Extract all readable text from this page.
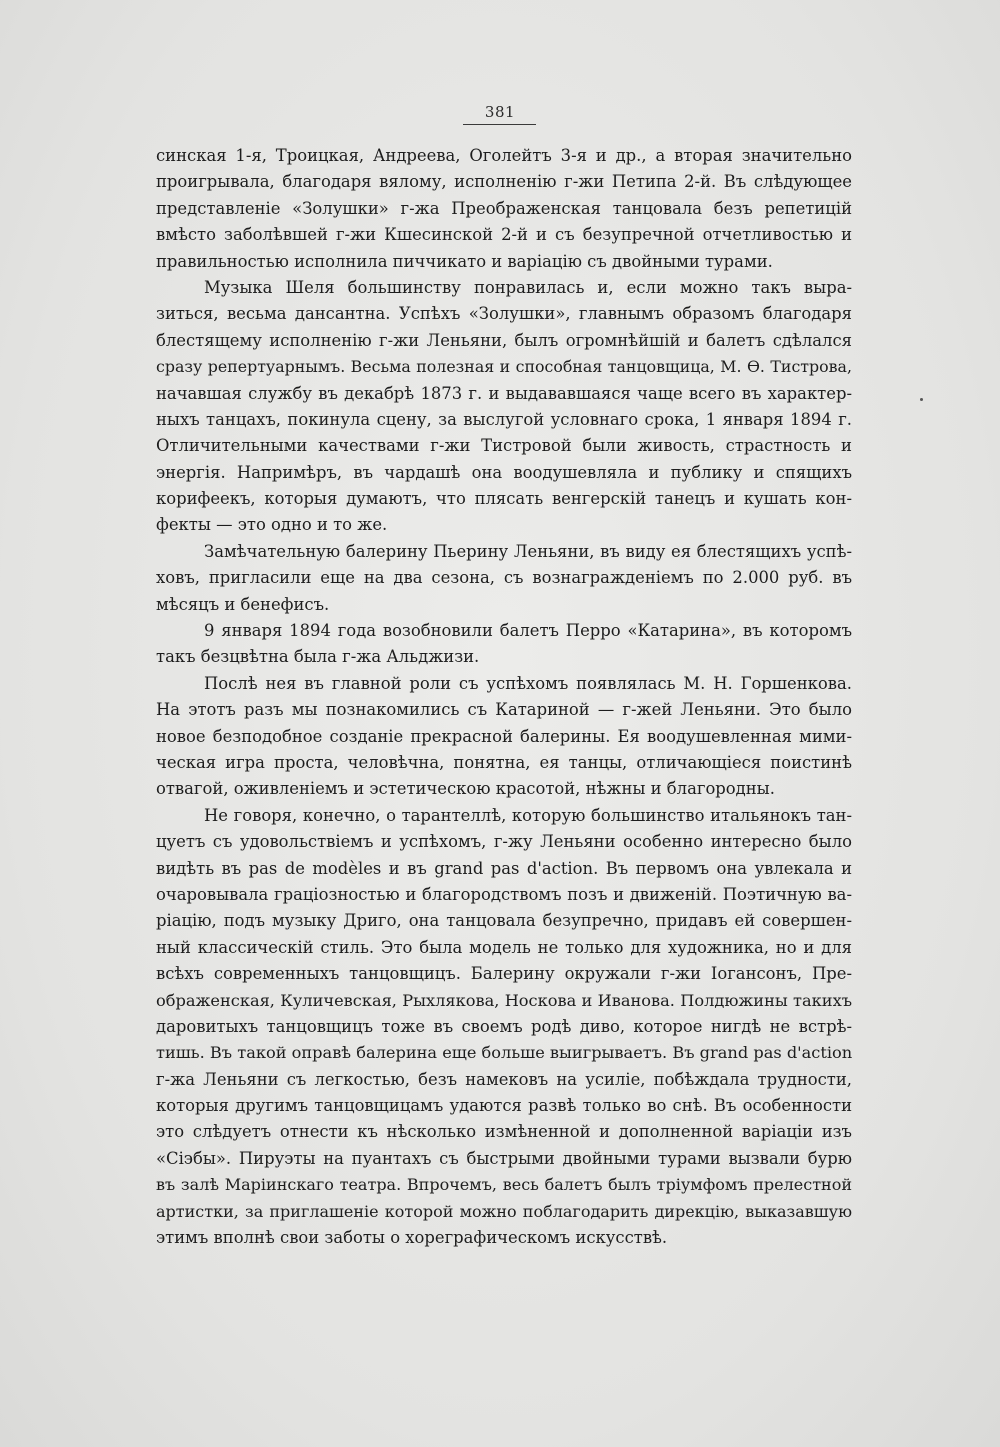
381
синская 1-я, Троицкая, Андреева, Оголейтъ 3-я и др., а вторая значительно
проигрывала, благодаря вялому, исполненію г-жи Петипа 2-й. Въ слѣдующее
представленіе «Золушки» г-жа Преображенская танцовала безъ репетицій
вмѣсто заболѣвшей г-жи Кшесинской 2-й и съ безупречной отчетливостью и
правильностью исполнила пиччикато и варіацію съ двойными турами.
Музыка Шеля большинству понравилась и, если можно такъ выра-
зиться, весьма дансантна. Успѣхъ «Золушки», главнымъ образомъ благодаря
блестящему исполненію г-жи Леньяни, былъ огромнѣйшій и балетъ сдѣлался
сразу репертуарнымъ. Весьма полезная и способная танцовщица, М. Ѳ. Тистрова,
начавшая службу въ декабрѣ 1873 г. и выдававшаяся чаще всего въ характер-
ныхъ танцахъ, покинула сцену, за выслугой условнаго срока, 1 января 1894 г.
Отличительными качествами г-жи Тистровой были живость, страстность и
энергія. Напримѣръ, въ чардашѣ она воодушевляла и публику и спящихъ
корифеекъ, которыя думаютъ, что плясать венгерскій танецъ и кушать кон-
фекты — это одно и то же.
Замѣчательную балерину Пьерину Леньяни, въ виду ея блестящихъ успѣ-
ховъ, пригласили еще на два сезона, съ вознагражденіемъ по 2.000 руб. въ
мѣсяцъ и бенефисъ.
9 января 1894 года возобновили балетъ Перро «Катарина», въ которомъ
такъ безцвѣтна была г-жа Альджизи.
Послѣ нея въ главной роли съ успѣхомъ появлялась М. Н. Горшенкова.
На этотъ разъ мы познакомились съ Катариной — г-жей Леньяни. Это было
новое безподобное созданіе прекрасной балерины. Ея воодушевленная мими-
ческая игра проста, человѣчна, понятна, ея танцы, отличающіеся поистинѣ
отвагой, оживленіемъ и эстетическою красотой, нѣжны и благородны.
Не говоря, конечно, о тарантеллѣ, которую большинство итальянокъ тан-
цуетъ съ удовольствіемъ и успѣхомъ, г-жу Леньяни особенно интересно было
видѣть въ pas de modèles и въ grand pas d'action. Въ первомъ она увлекала и
очаровывала граціозностью и благородствомъ позъ и движеній. Поэтичную ва-
ріацію, подъ музыку Дриго, она танцовала безупречно, придавъ ей совершен-
ный классическій стиль. Это была модель не только для художника, но и для
всѣхъ современныхъ танцовщицъ. Балерину окружали г-жи Іогансонъ, Пре-
ображенская, Куличевская, Рыхлякова, Носкова и Иванова. Полдюжины такихъ
даровитыхъ танцовщицъ тоже въ своемъ родѣ диво, которое нигдѣ не встрѣ-
тишь. Въ такой оправѣ балерина еще больше выигрываетъ. Въ grand pas d'action
г-жа Леньяни съ легкостью, безъ намековъ на усиліе, побѣждала трудности,
которыя другимъ танцовщицамъ удаются развѣ только во снѣ. Въ особенности
это слѣдуетъ отнести къ нѣсколько измѣненной и дополненной варіаціи изъ
«Сіэбы». Пируэты на пуантахъ съ быстрыми двойными турами вызвали бурю
въ залѣ Маріинскаго театра. Впрочемъ, весь балетъ былъ тріумфомъ прелестной
артистки, за приглашеніе которой можно поблагодарить дирекцію, выказавшую
этимъ вполнѣ свои заботы о хореграфическомъ искусствѣ.
